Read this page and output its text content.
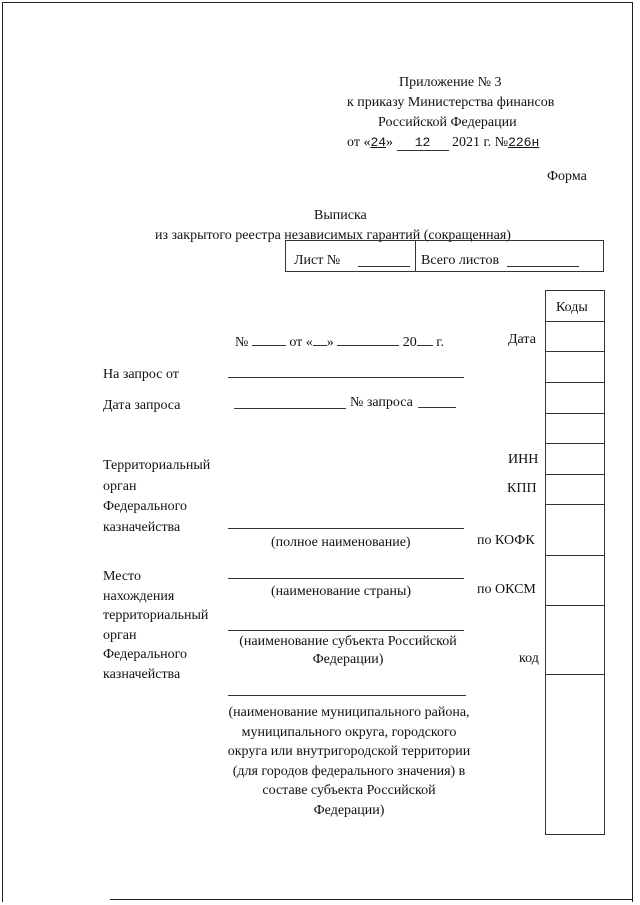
Приложение № 3
к приказу Министерства финансов
Российской Федерации
от «24» 12 2021 г. №226н
Форма
Выписка
из закрытого реестра независимых гарантий (сокращенная)
Лист №	Всего листов
Коды
№	от « »	20 г.	Дата
На запрос от
Дата запроса	№ запроса
Территориальный
орган
Федерального
казначейства
ИНН
КПП
(полное наименование)	по КОФК
Место
нахождения
территориальный
орган
Федерального
казначейства
(наименование страны)	по ОКСМ
(наименование субъекта Российской Федерации)	код
(наименование муниципального района, муниципального округа, городского округа или внутригородской территории (для городов федерального значения) в составе субъекта Российской Федерации)
